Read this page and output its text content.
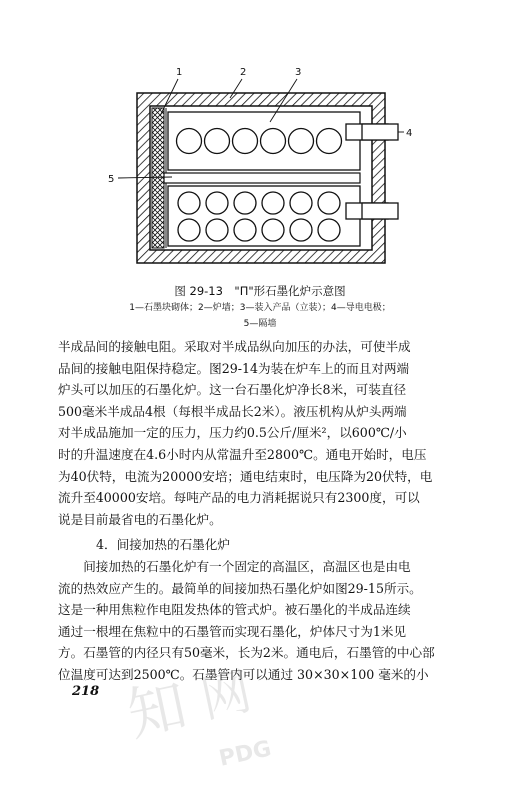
1	2	3
4
5
图 29-13　"П"形石墨化炉示意图
1—石墨块砌体；2—炉墙；3—装入产品（立装）；4—导电电极；
5—隔墙
半成品间的接触电阻。采取对半成品纵向加压的办法，可使半成
品间的接触电阻保持稳定。图29-14为装在炉车上的而且对两端
炉头可以加压的石墨化炉。这一台石墨化炉净长8米，可装直径
500毫米半成品4根（每根半成品长2米）。液压机构从炉头两端
对半成品施加一定的压力，压力约0.5公斤/厘米²，以600℃/小
时的升温速度在4.6小时内从常温升至2800℃。通电开始时，电压
为40伏特，电流为20000安培；通电结束时，电压降为20伏特，电
流升至40000安培。每吨产品的电力消耗据说只有2300度，可以
说是目前最省电的石墨化炉。
4．间接加热的石墨化炉
　　间接加热的石墨化炉有一个固定的高温区，高温区也是由电
流的热效应产生的。最简单的间接加热石墨化炉如图29-15所示。
这是一种用焦粒作电阻发热体的管式炉。被石墨化的半成品连续
通过一根埋在焦粒中的石墨管而实现石墨化，炉体尺寸为1米见
方。石墨管的内径只有50毫米，长为2米。通电后，石墨管的中心部
位温度可达到2500℃。石墨管内可以通过 30×30×100 毫米的小
218 知 网
PDG
